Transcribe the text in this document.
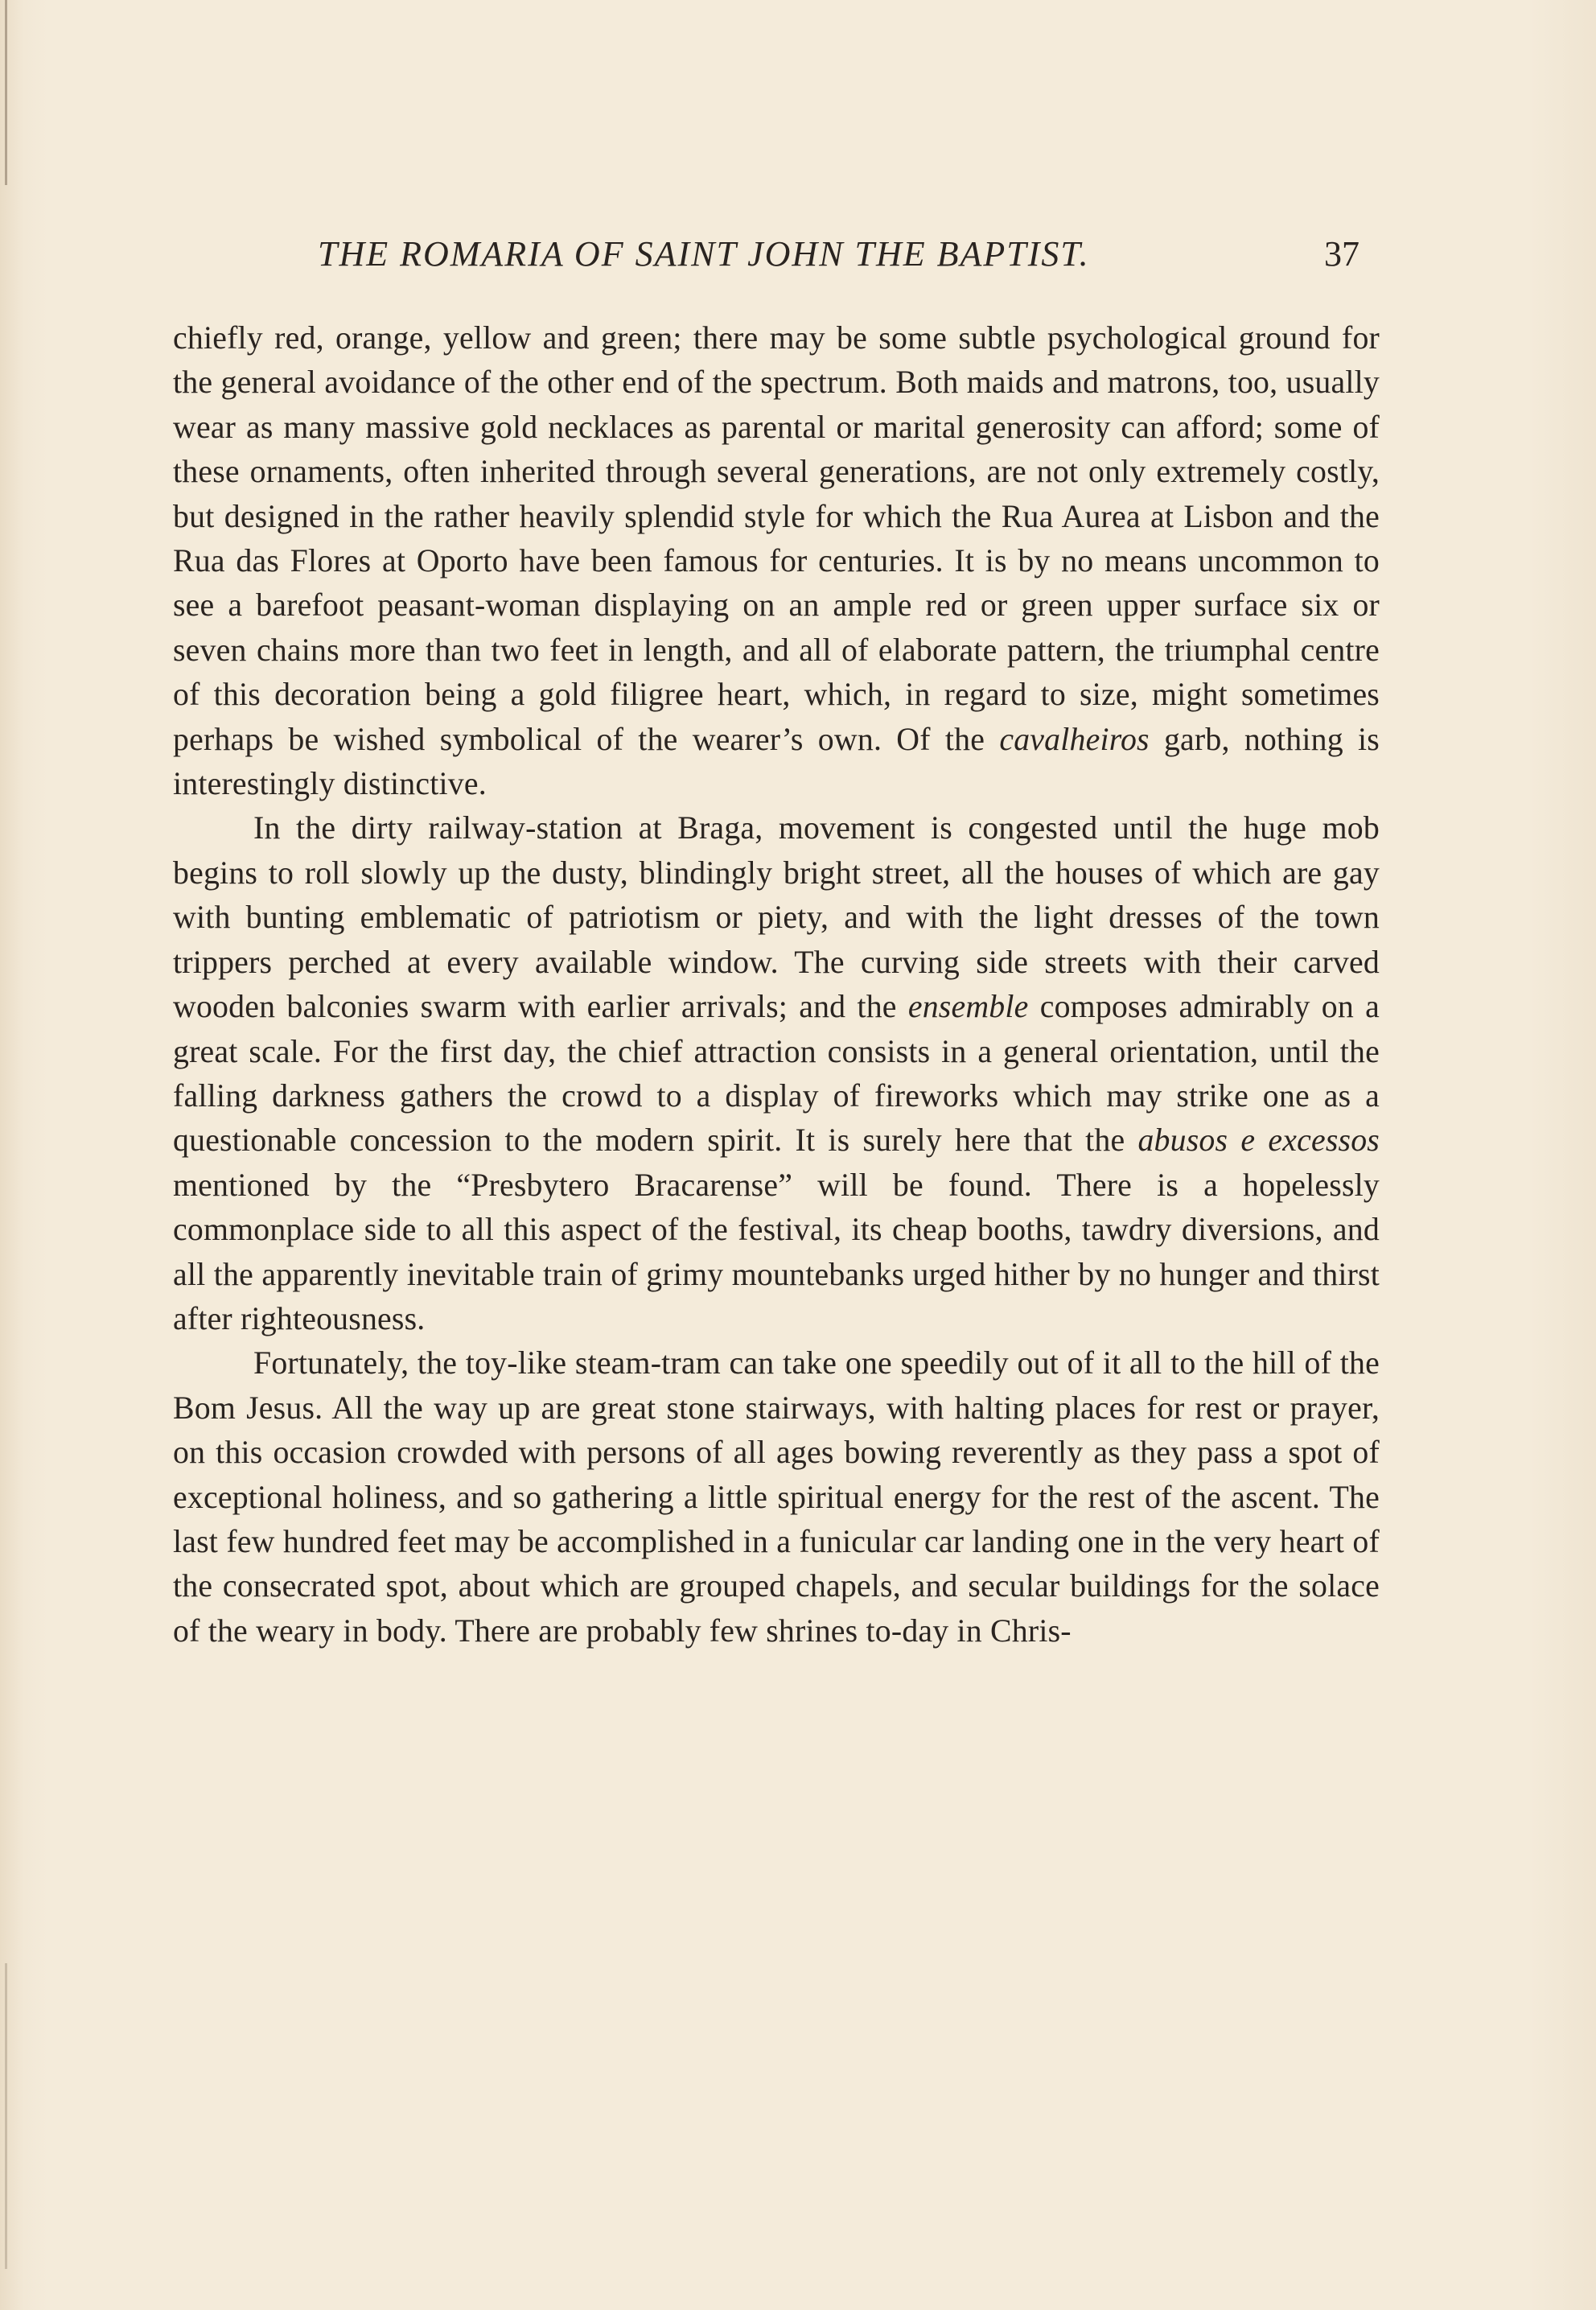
THE ROMARIA OF SAINT JOHN THE BAPTIST.	37

chiefly red, orange, yellow and green; there may be some subtle psychological ground for the general avoidance of the other end of the spectrum. Both maids and matrons, too, usually wear as many massive gold necklaces as parental or marital generosity can afford; some of these ornaments, often inherited through several generations, are not only extremely costly, but designed in the rather heavily splendid style for which the Rua Aurea at Lisbon and the Rua das Flores at Oporto have been famous for centuries. It is by no means uncommon to see a barefoot peasant-woman displaying on an ample red or green upper surface six or seven chains more than two feet in length, and all of elaborate pattern, the triumphal centre of this decoration being a gold filigree heart, which, in regard to size, might sometimes perhaps be wished symbolical of the wearer’s own. Of the cavalheiros garb, nothing is interestingly distinctive.

In the dirty railway-station at Braga, movement is congested until the huge mob begins to roll slowly up the dusty, blindingly bright street, all the houses of which are gay with bunting emblematic of patriotism or piety, and with the light dresses of the town trippers perched at every available window. The curving side streets with their carved wooden balconies swarm with earlier arrivals; and the ensemble composes admirably on a great scale. For the first day, the chief attraction consists in a general orientation, until the falling darkness gathers the crowd to a display of fireworks which may strike one as a questionable concession to the modern spirit. It is surely here that the abusos e excessos mentioned by the “Presbytero Bracarense” will be found. There is a hopelessly commonplace side to all this aspect of the festival, its cheap booths, tawdry diversions, and all the apparently inevitable train of grimy mountebanks urged hither by no hunger and thirst after righteousness.

Fortunately, the toy-like steam-tram can take one speedily out of it all to the hill of the Bom Jesus. All the way up are great stone stairways, with halting places for rest or prayer, on this occasion crowded with persons of all ages bowing reverently as they pass a spot of exceptional holiness, and so gathering a little spiritual energy for the rest of the ascent. The last few hundred feet may be accomplished in a funicular car landing one in the very heart of the consecrated spot, about which are grouped chapels, and secular buildings for the solace of the weary in body. There are probably few shrines to-day in Chris-
